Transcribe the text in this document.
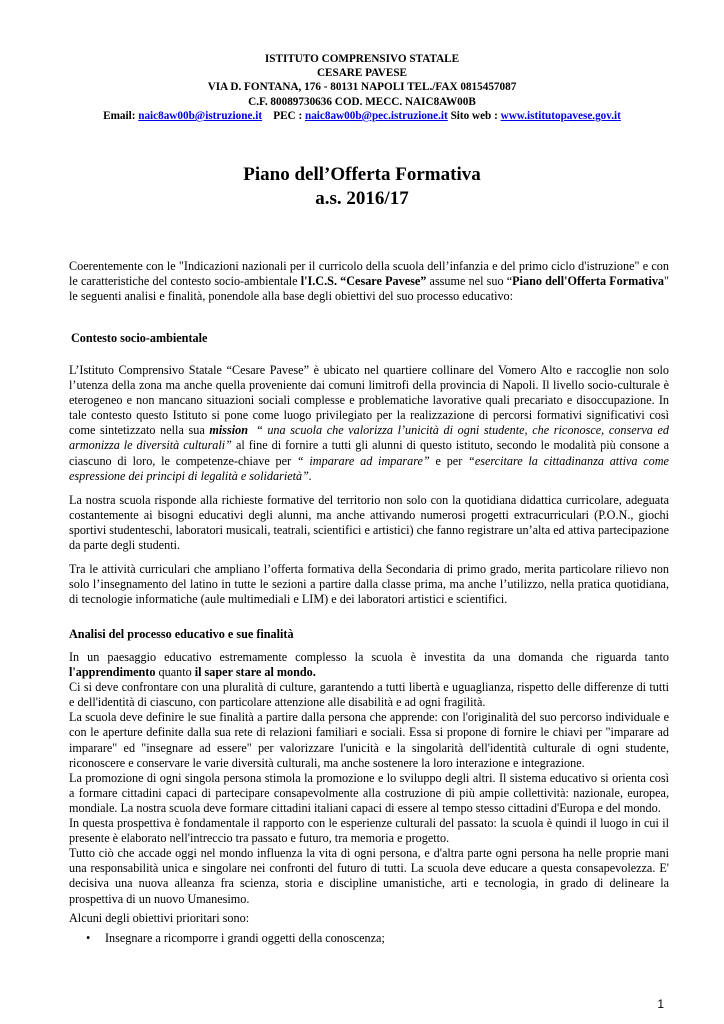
ISTITUTO COMPRENSIVO STATALE
CESARE PAVESE
VIA D. FONTANA, 176 - 80131 NAPOLI TEL./FAX 0815457087
C.F. 80089730636 COD. MECC. NAIC8AW00B
Email: naic8aw00b@istruzione.it    PEC : naic8aw00b@pec.istruzione.it Sito web : www.istitutopavese.gov.it
Piano dell’Offerta Formativa
a.s. 2016/17

Coerentemente con le "Indicazioni nazionali per il curricolo della scuola dell’infanzia e del primo ciclo d'istruzione" e con le caratteristiche del contesto socio-ambientale l'I.C.S. “Cesare Pavese” assume nel suo “Piano dell'Offerta Formativa" le seguenti analisi e finalità, ponendole alla base degli obiettivi del suo processo educativo:

Contesto socio-ambientale

L’Istituto Comprensivo Statale “Cesare Pavese” è ubicato nel quartiere collinare del Vomero Alto e raccoglie non solo l’utenza della zona ma anche quella proveniente dai comuni limitrofi della provincia di Napoli. Il livello socio-culturale è eterogeneo e non mancano situazioni sociali complesse e problematiche lavorative quali precariato e disoccupazione. In tale contesto questo Istituto si pone come luogo privilegiato per la realizzazione di percorsi formativi significativi così come sintetizzato nella sua mission  “ una scuola che valorizza l’unicità di ogni studente, che riconosce, conserva ed armonizza le diversità culturali” al fine di fornire a tutti gli alunni di questo istituto, secondo le modalità più consone a ciascuno di loro, le competenze-chiave per “ imparare ad imparare” e per “esercitare la cittadinanza attiva come espressione dei principi di legalità e solidarietà”.

La nostra scuola risponde alla richieste formative del territorio non solo con la quotidiana didattica curricolare, adeguata costantemente ai bisogni educativi degli alunni, ma anche attivando numerosi progetti extracurriculari (P.O.N., giochi sportivi studenteschi, laboratori musicali, teatrali, scientifici e artistici) che fanno registrare un’alta ed attiva partecipazione da parte degli studenti.

Tra le attività curriculari che ampliano l’offerta formativa della Secondaria di primo grado, merita particolare rilievo non solo l’insegnamento del latino in tutte le sezioni a partire dalla classe prima, ma anche l’utilizzo, nella pratica quotidiana, di tecnologie informatiche (aule multimediali e LIM) e dei laboratori artistici e scientifici.

Analisi del processo educativo e sue finalità

In un paesaggio educativo estremamente complesso la scuola è investita da una domanda che riguarda tanto l'apprendimento quanto il saper stare al mondo.

Ci si deve confrontare con una pluralità di culture, garantendo a tutti libertà e uguaglianza, rispetto delle differenze di tutti e dell'identità di ciascuno, con particolare attenzione alle disabilità e ad ogni fragilità.

La scuola deve definire le sue finalità a partire dalla persona che apprende: con l'originalità del suo percorso individuale e con le aperture definite dalla sua rete di relazioni familiari e sociali. Essa si propone di fornire le chiavi per "imparare ad imparare" ed "insegnare ad essere" per valorizzare l'unicità e la singolarità dell'identità culturale di ogni studente, riconoscere e conservare le varie diversità culturali, ma anche sostenere la loro interazione e integrazione.

La promozione di ogni singola persona stimola la promozione e lo sviluppo degli altri. Il sistema educativo si orienta così a formare cittadini capaci di partecipare consapevolmente alla costruzione di più ampie collettività: nazionale, europea, mondiale. La nostra scuola deve formare cittadini italiani capaci di essere al tempo stesso cittadini d'Europa e del mondo.

In questa prospettiva è fondamentale il rapporto con le esperienze culturali del passato: la scuola è quindi il luogo in cui il presente è elaborato nell'intreccio tra passato e futuro, tra memoria e progetto.

Tutto ciò che accade oggi nel mondo influenza la vita di ogni persona, e d'altra parte ogni persona ha nelle proprie mani una responsabilità unica e singolare nei confronti del futuro di tutti. La scuola deve educare a questa consapevolezza. E' decisiva una nuova alleanza fra scienza, storia e discipline umanistiche, arti e tecnologia, in grado di delineare la prospettiva di un nuovo Umanesimo.

Alcuni degli obiettivi prioritari sono:
• Insegnare a ricomporre i grandi oggetti della conoscenza;
1
